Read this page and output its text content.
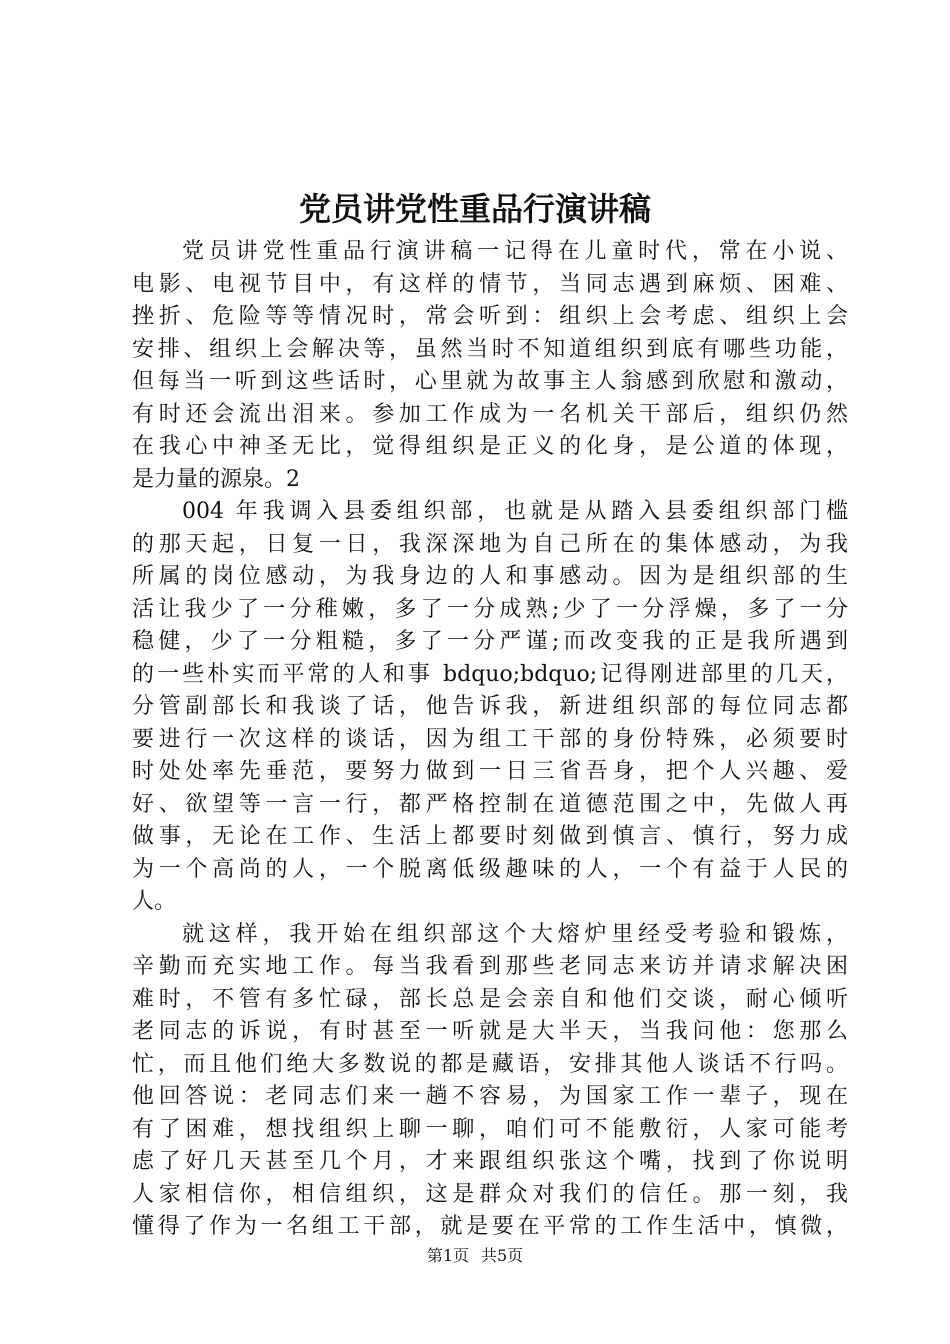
党员讲党性重品行演讲稿
党员讲党性重品行演讲稿一记得在儿童时代，常在小说、
电影、电视节目中，有这样的情节，当同志遇到麻烦、困难、
挫折、危险等等情况时，常会听到：组织上会考虑、组织上会
安排、组织上会解决等，虽然当时不知道组织到底有哪些功能，
但每当一听到这些话时，心里就为故事主人翁感到欣慰和激动，
有时还会流出泪来。参加工作成为一名机关干部后，组织仍然
在我心中神圣无比，觉得组织是正义的化身，是公道的体现，
是力量的源泉。2
004 年我调入县委组织部，也就是从踏入县委组织部门槛
的那天起，日复一日，我深深地为自己所在的集体感动，为我
所属的岗位感动，为我身边的人和事感动。因为是组织部的生
活让我少了一分稚嫩，多了一分成熟;少了一分浮燥，多了一分
稳健，少了一分粗糙，多了一分严谨;而改变我的正是我所遇到
的一些朴实而平常的人和事 bdquo;bdquo;记得刚进部里的几天，
分管副部长和我谈了话，他告诉我，新进组织部的每位同志都
要进行一次这样的谈话，因为组工干部的身份特殊，必须要时
时处处率先垂范，要努力做到一日三省吾身，把个人兴趣、爱
好、欲望等一言一行，都严格控制在道德范围之中，先做人再
做事，无论在工作、生活上都要时刻做到慎言、慎行，努力成
为一个高尚的人，一个脱离低级趣味的人，一个有益于人民的
人。
就这样，我开始在组织部这个大熔炉里经受考验和锻炼，
辛勤而充实地工作。每当我看到那些老同志来访并请求解决困
难时，不管有多忙碌，部长总是会亲自和他们交谈，耐心倾听
老同志的诉说，有时甚至一听就是大半天，当我问他：您那么
忙，而且他们绝大多数说的都是藏语，安排其他人谈话不行吗。
他回答说：老同志们来一趟不容易，为国家工作一辈子，现在
有了困难，想找组织上聊一聊，咱们可不能敷衍，人家可能考
虑了好几天甚至几个月，才来跟组织张这个嘴，找到了你说明
人家相信你，相信组织，这是群众对我们的信任。那一刻，我
懂得了作为一名组工干部，就是要在平常的工作生活中，慎微，
第1页 共5页
